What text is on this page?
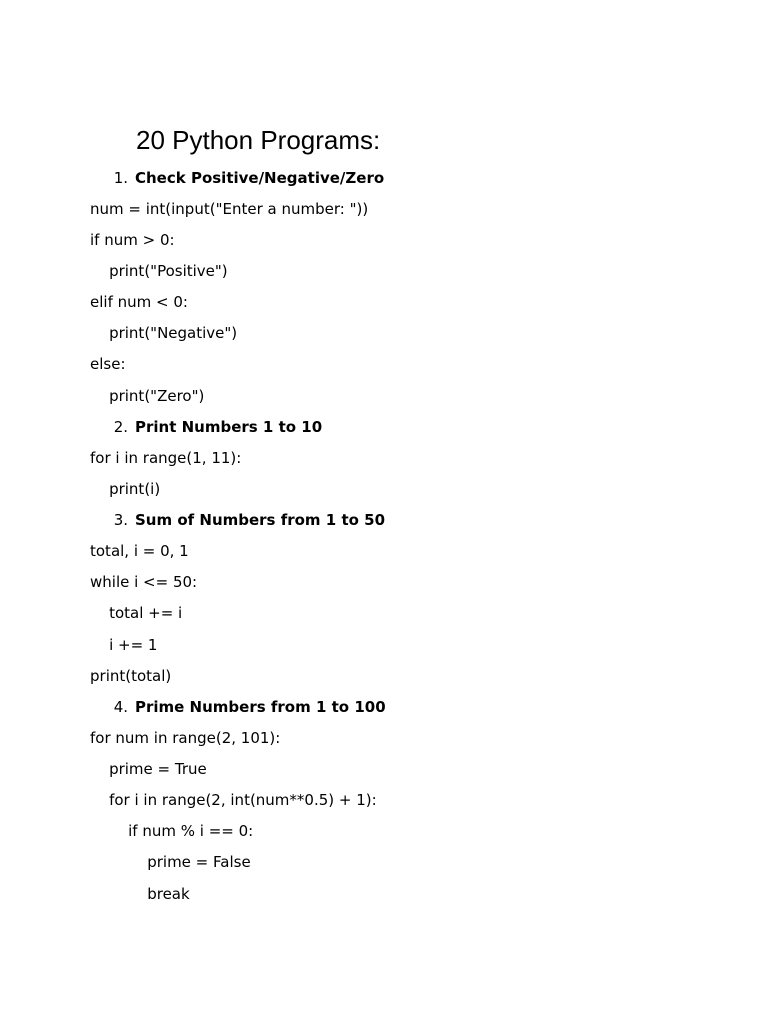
20 Python Programs:
1. Check Positive/Negative/Zero
num = int(input("Enter a number: "))
if num > 0:
print("Positive")
elif num < 0:
print("Negative")
else:
print("Zero")
2. Print Numbers 1 to 10
for i in range(1, 11):
print(i)
3. Sum of Numbers from 1 to 50
total, i = 0, 1
while i <= 50:
total += i
i += 1
print(total)
4. Prime Numbers from 1 to 100
for num in range(2, 101):
prime = True
for i in range(2, int(num**0.5) + 1):
if num % i == 0:
prime = False
break
